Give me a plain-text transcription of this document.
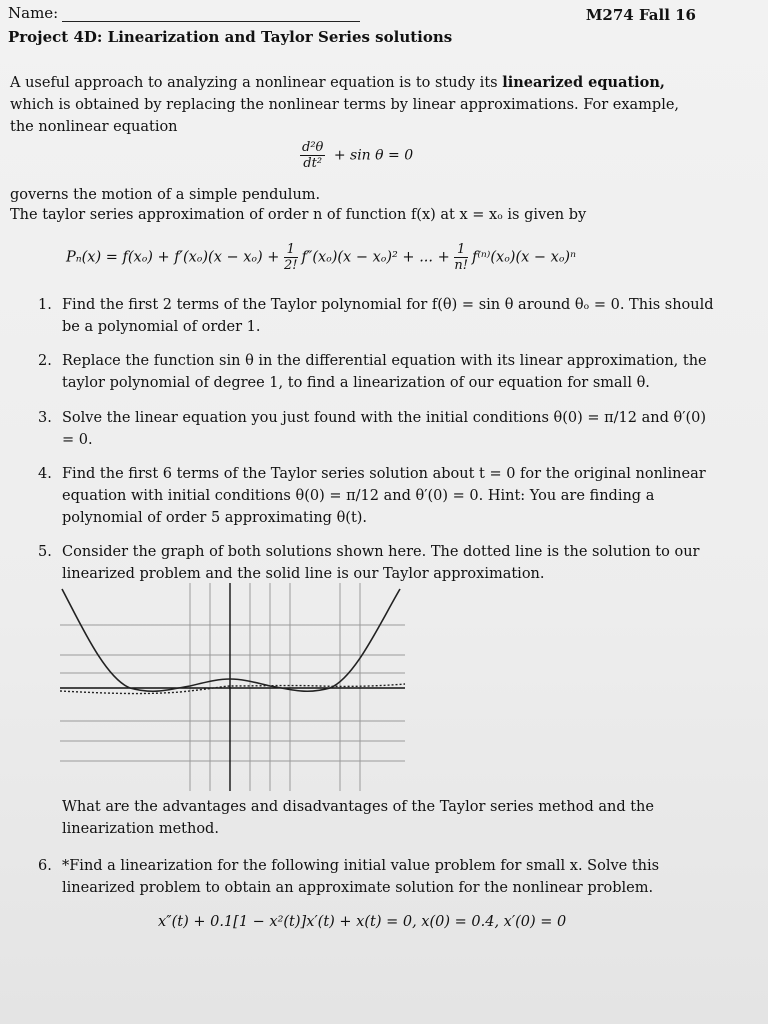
Name:	M274 Fall 16
Project 4D: Linearization and Taylor Series solutions
A useful approach to analyzing a nonlinear equation is to study its linearized equation, which is obtained by replacing the nonlinear terms by linear approximations. For example, the nonlinear equation
$\frac{\text{d²θ}}{\text{dt²}} + \sin \theta = 0$
governs the motion of a simple pendulum.
The taylor series approximation of order n of function f(x) at x = xₒ is given by
$P_n(x) = f(x_o) + f'(x_o)(x - x_o) + \frac{1}{2!} f''(x_o)(x - x_o)^2$ + ... + $\frac{1}{n!} f^{(n)}(x_o)(x - x_o)^n$
1. Find the first 2 terms of the Taylor polynomial for f(θ) = sin θ around θₒ = 0. This should be a polynomial of order 1.
2. Replace the function sin θ in the differential equation with its linear approximation, the taylor polynomial of degree 1, to find a linearization of our equation for small θ.
3. Solve the linear equation you just found with the initial conditions θ(0) = π/12 and θ′(0) = 0.
4. Find the first 6 terms of the Taylor series solution about t = 0 for the original nonlinear equation with initial conditions θ(0) = π/12 and θ′(0) = 0. Hint: You are finding a polynomial of order 5 approximating θ(t).
5. Consider the graph of both solutions shown here. The dotted line is the solution to our linearized problem and the solid line is our Taylor approximation.
What are the advantages and disadvantages of the Taylor series method and the linearization method.
6. *Find a linearization for the following initial value problem for small x. Solve this linearized problem to obtain an approximate solution for the nonlinear problem.
x″(t) + 0.1[1 − x²(t)]x′(t) + x(t) = 0, x(0) = 0.4, x′(0) = 0
